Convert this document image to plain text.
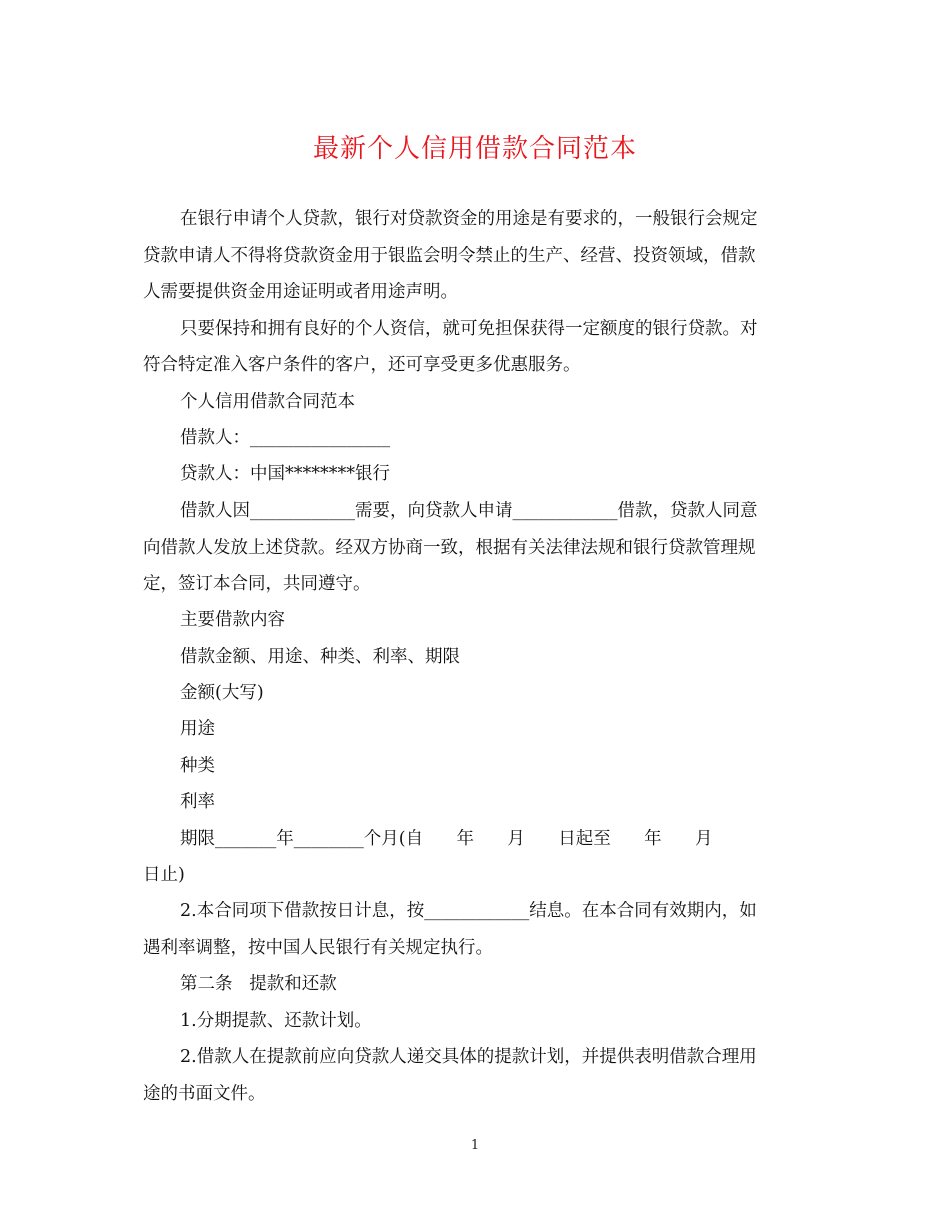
最新个人信用借款合同范本
在银行申请个人贷款，银行对贷款资金的用途是有要求的，一般银行会规定
贷款申请人不得将贷款资金用于银监会明令禁止的生产、经营、投资领域，借款
人需要提供资金用途证明或者用途声明。
只要保持和拥有良好的个人资信，就可免担保获得一定额度的银行贷款。对
符合特定准入客户条件的客户，还可享受更多优惠服务。
个人信用借款合同范本
借款人：________________
贷款人：中国********银行
借款人因____________需要，向贷款人申请____________借款，贷款人同意
向借款人发放上述贷款。经双方协商一致，根据有关法律法规和银行贷款管理规
定，签订本合同，共同遵守。
主要借款内容
借款金额、用途、种类、利率、期限
金额(大写)
用途
种类
利率
期限_______年________个月(自      年      月      日起至      年      月
日止)
2.本合同项下借款按日计息，按____________结息。在本合同有效期内，如
遇利率调整，按中国人民银行有关规定执行。
第二条   提款和还款
1.分期提款、还款计划。
2.借款人在提款前应向贷款人递交具体的提款计划，并提供表明借款合理用
途的书面文件。
1
